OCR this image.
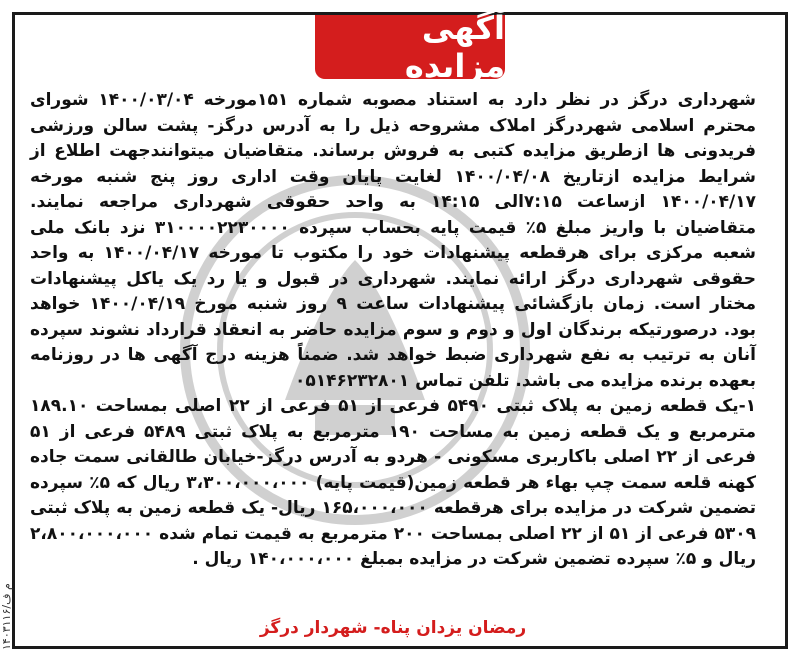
آگهی مزایده

شهرداری درگز در نظر دارد به استناد مصوبه شماره ۱۵۱مورخه ۱۴۰۰/۰۳/۰۴ شورای محترم اسلامی شهردرگز املاک مشروحه ذیل را به آدرس درگز- پشت سالن ورزشی فریدونی ها ازطریق مزایده کتبی به فروش برساند. متقاضیان میتوانندجهت اطلاع از شرایط مزایده ازتاریخ ۱۴۰۰/۰۴/۰۸ لغایت پایان وقت اداری روز پنج شنبه مورخه ۱۴۰۰/۰۴/۱۷ ازساعت ۷:۱۵الی ۱۴:۱۵ به واحد حقوقی شهرداری مراجعه نمایند. متقاضیان با واریز مبلغ ۵٪ قیمت پایه بحساب سپرده ۳۱۰۰۰۰۲۲۳۰۰۰۰ نزد بانک ملی شعبه مرکزی برای هرقطعه پیشنهادات خود را مکتوب تا مورخه ۱۴۰۰/۰۴/۱۷ به واحد حقوقی شهرداری درگز ارائه نمایند. شهرداری در قبول و یا رد یک یاکل پیشنهادات مختار است. زمان بازگشائی پیشنهادات ساعت ۹ روز شنبه مورخ ۱۴۰۰/۰۴/۱۹ خواهد بود. درصورتیکه برندگان اول و دوم و سوم مزایده حاضر به انعقاد قرارداد نشوند سپرده آنان به ترتیب به نفع شهرداری ضبط خواهد شد. ضمناً هزینه درج آگهی ها در روزنامه بعهده برنده مزایده می باشد. تلفن تماس ۰۵۱۴۶۲۳۲۸۰۱

۱-یک قطعه زمین به پلاک ثبتی ۵۴۹۰ فرعی از ۵۱ فرعی از ۲۲ اصلی بمساحت ۱۸۹.۱۰ مترمربع و یک قطعه زمین به مساحت ۱۹۰ مترمربع به پلاک ثبتی ۵۴۸۹ فرعی از ۵۱ فرعی از ۲۲ اصلی باکاربری مسکونی - هردو به آدرس درگز-خیابان طالقانی سمت جاده کهنه قلعه سمت چپ بهاء هر قطعه زمین(قیمت پایه) ۳،۳۰۰،۰۰۰،۰۰۰ ریال که ۵٪ سپرده تضمین شرکت در مزایده برای هرقطعه ۱۶۵،۰۰۰،۰۰۰ ریال- یک قطعه زمین به پلاک ثبتی ۵۳۰۹ فرعی از ۵۱ از ۲۲ اصلی بمساحت ۲۰۰ مترمربع به قیمت تمام شده ۲،۸۰۰،۰۰۰،۰۰۰ ریال و ۵٪ سپرده تضمین شرکت در مزایده بمبلغ ۱۴۰،۰۰۰،۰۰۰ ریال .

رمضان یزدان پناه- شهردار درگز
۱۴۰۳۱۱۶/م ف
